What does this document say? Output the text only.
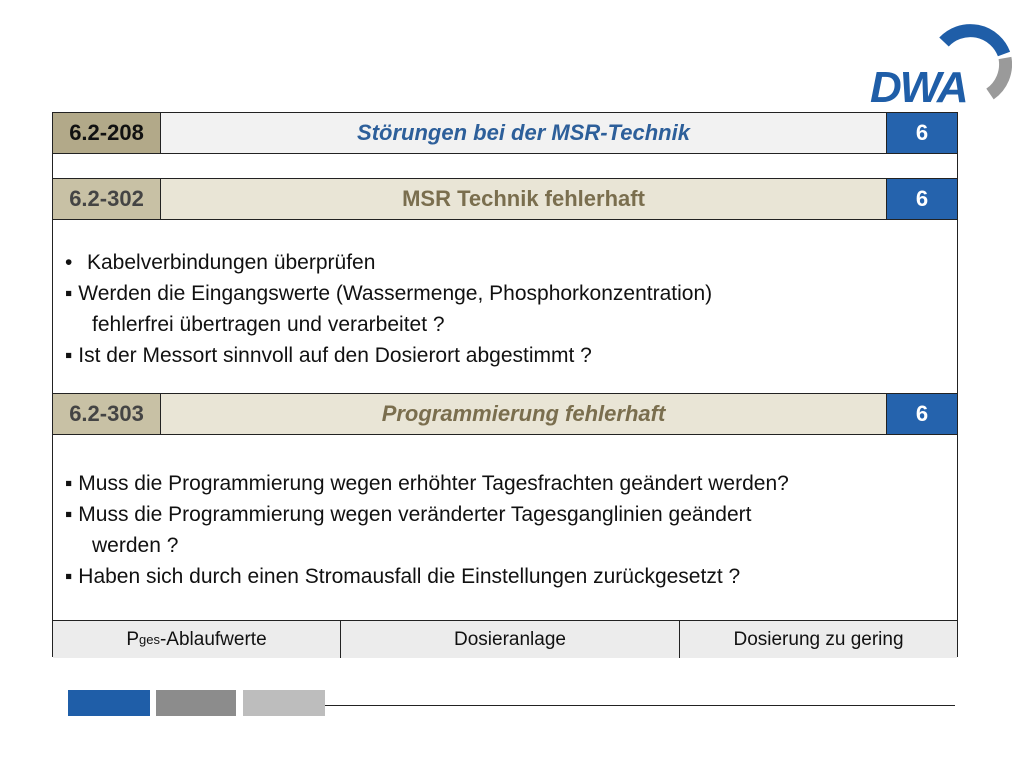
DWA
6.2-208	Störungen bei der MSR-Technik	6
6.2-302	MSR Technik fehlerhaft	6
• Kabelverbindungen überprüfen
▪ Werden die Eingangswerte (Wassermenge, Phosphorkonzentration)
fehlerfrei übertragen und verarbeitet ?
▪ Ist der Messort sinnvoll auf den Dosierort abgestimmt ?
6.2-303	Programmierung fehlerhaft	6
▪ Muss die Programmierung wegen erhöhter Tagesfrachten geändert werden?
▪ Muss die Programmierung wegen veränderter Tagesganglinien geändert
werden ?
▪ Haben sich durch einen Stromausfall die Einstellungen zurückgesetzt ?
P ges -Ablaufwerte	Dosieranlage	Dosierung zu gering
